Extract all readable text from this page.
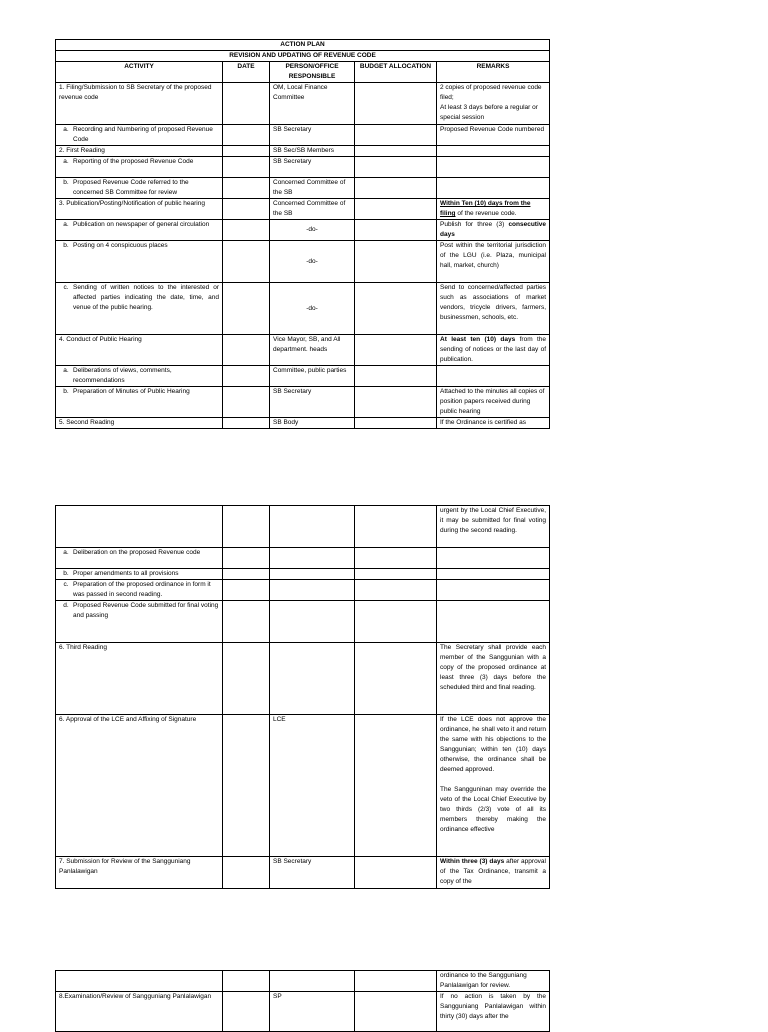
ACTION PLAN				
REVISION AND UPDATING OF REVENUE CODE				
ACTIVITY	DATE	PERSON/OFFICE RESPONSIBLE	BUDGET ALLOCATION	REMARKS
1. Filing/Submission to SB Secretary of the proposed revenue code		OM, Local Finance Committee		2 copies of proposed revenue code filed;
At least 3 days before a regular or special session

a. Recording and Numbering of proposed Revenue Code		SB Secretary		Proposed Revenue Code numbered
2. First Reading		SB Sec/SB Members		

a. Reporting of the proposed Revenue Code		SB Secretary		

b. Proposed Revenue Code referred to the concerned SB Committee for review		Concerned Committee of the SB		
3. Publication/Posting/Notification of public hearing		Concerned Committee of the SB		Within Ten (10) days from the filing of the revenue code.

a. Publication on newspaper of general circulation		-do-		Publish for three (3) consecutive days

b. Posting on 4 conspicuous places		-do-		Post within the territorial jurisdiction of the LGU (i.e. Plaza, municipal hall, market, church)

c. Sending of written notices to the interested or affected parties indicating the date, time, and venue of the public hearing.		-do-		Send to concerned/affected parties such as associations of market vendors, tricycle drivers, farmers, businessmen, schools, etc.
4. Conduct of Public Hearing		Vice Mayor, SB, and All department. heads		At least ten (10) days from the sending of notices or the last day of publication.

a. Deliberations of views, comments, recommendations		Committee, public parties		

b. Preparation of Minutes of Public Hearing		SB Secretary		Attached to the minutes all copies of position papers received during public hearing
5. Second Reading		SB Body		If the Ordinance is certified as
				urgent by the Local Chief Executive, it may be submitted for final voting during the second reading.

a. Deliberation on the proposed Revenue code				

b. Proper amendments to all provisions				

c. Preparation of the proposed ordinance in form it was passed in second reading.				

d. Proposed Revenue Code submitted for final voting and passing				

6. Third Reading				The Secretary shall provide each member of the Sanggunian with a copy of the proposed ordinance at least three (3) days before the scheduled third and final reading.
6. Approval of the LCE and Affixing of Signature		LCE		If the LCE does not approve the ordinance, he shall veto it and return the same with his objections to the Sanggunian; within ten (10) days otherwise, the ordinance shall be deemed approved.
The Sangguninan may override the veto of the Local Chief Executive by two thirds (2/3) vote of all its members thereby making the ordinance effective

7. Submission for Review of the Sangguniang Panlalawigan		SB Secretary		Within three (3) days after approval of the Tax Ordinance, transmit a copy of the
				ordinance to the Sangguniang Panlalawigan for review.
8.Examination/Review of Sangguniang Panlalawigan		SP		If no action is taken by the Sangguniang Panlalawigan within thirty (30) days after the
